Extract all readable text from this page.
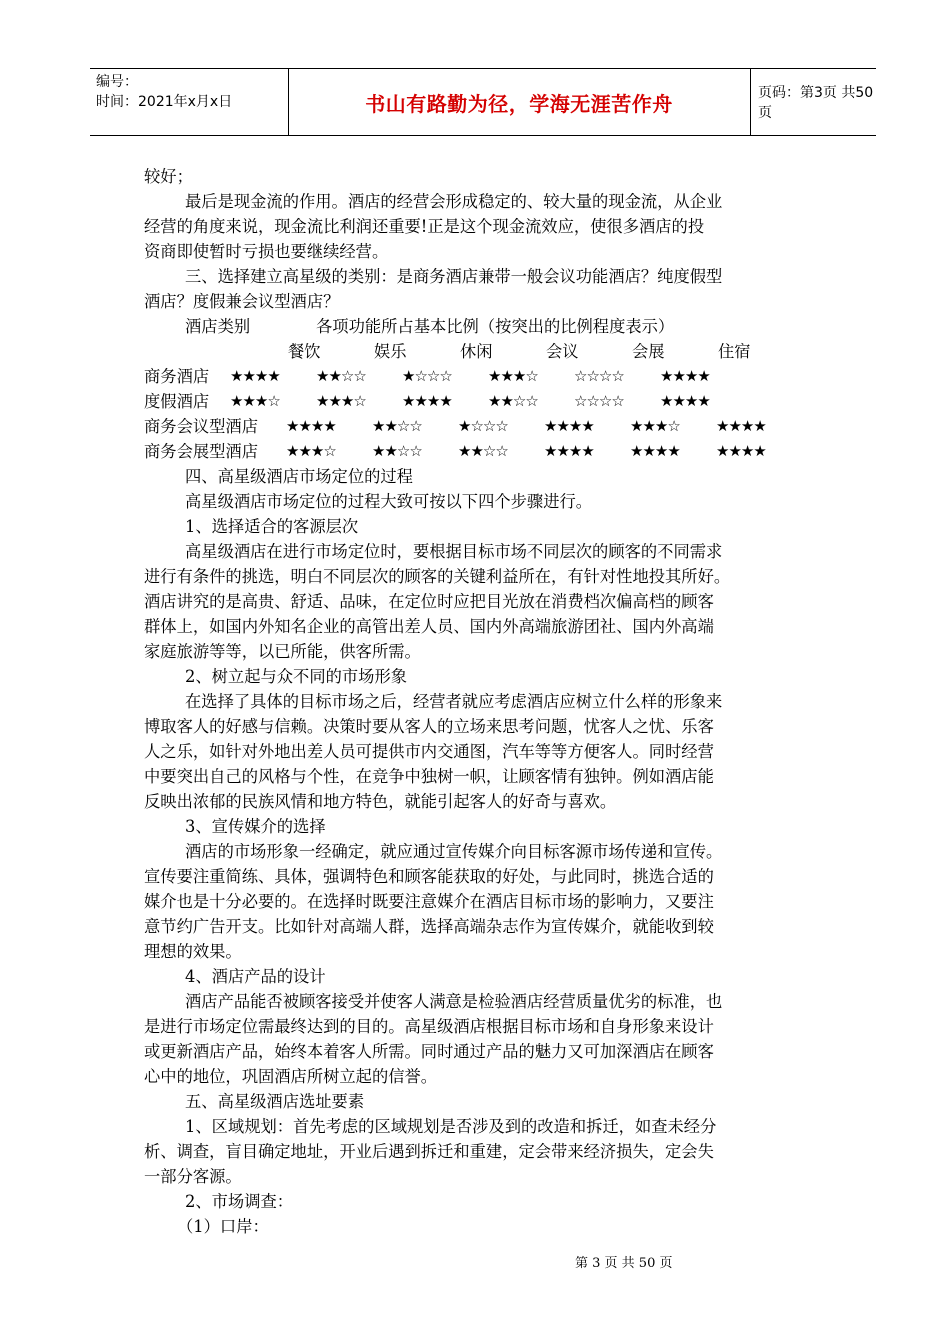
编号：
时间：2021年x月x日	书山有路勤为径，学海无涯苦作舟	页码：第3页 共50页
较好；
最后是现金流的作用。酒店的经营会形成稳定的、较大量的现金流，从企业
经营的角度来说，现金流比利润还重要!正是这个现金流效应，使很多酒店的投
资商即使暂时亏损也要继续经营。
三、选择建立高星级的类别：是商务酒店兼带一般会议功能酒店？纯度假型
酒店？度假兼会议型酒店？
酒店类别	各项功能所占基本比例（按突出的比例程度表示）
餐饮	娱乐	休闲	会议	会展	住宿
商务酒店 ★★★★ ★★☆☆ ★☆☆☆ ★★★☆ ☆☆☆☆ ★★★★
度假酒店 ★★★☆ ★★★☆ ★★★★ ★★☆☆ ☆☆☆☆ ★★★★
商务会议型酒店 ★★★★ ★★☆☆ ★☆☆☆ ★★★★ ★★★☆ ★★★★
商务会展型酒店 ★★★☆ ★★☆☆ ★★☆☆ ★★★★ ★★★★ ★★★★
四、高星级酒店市场定位的过程
高星级酒店市场定位的过程大致可按以下四个步骤进行。
1、选择适合的客源层次
高星级酒店在进行市场定位时，要根据目标市场不同层次的顾客的不同需求
进行有条件的挑选，明白不同层次的顾客的关键利益所在，有针对性地投其所好。
酒店讲究的是高贵、舒适、品味，在定位时应把目光放在消费档次偏高档的顾客
群体上，如国内外知名企业的高管出差人员、国内外高端旅游团社、国内外高端
家庭旅游等等，以已所能，供客所需。
2、树立起与众不同的市场形象
在选择了具体的目标市场之后，经营者就应考虑酒店应树立什么样的形象来
博取客人的好感与信赖。决策时要从客人的立场来思考问题，忧客人之忧、乐客
人之乐，如针对外地出差人员可提供市内交通图，汽车等等方便客人。同时经营
中要突出自己的风格与个性，在竞争中独树一帜，让顾客情有独钟。例如酒店能
反映出浓郁的民族风情和地方特色，就能引起客人的好奇与喜欢。
3、宣传媒介的选择
酒店的市场形象一经确定，就应通过宣传媒介向目标客源市场传递和宣传。
宣传要注重简练、具体，强调特色和顾客能获取的好处，与此同时，挑选合适的
媒介也是十分必要的。在选择时既要注意媒介在酒店目标市场的影响力，又要注
意节约广告开支。比如针对高端人群，选择高端杂志作为宣传媒介，就能收到较
理想的效果。
4、酒店产品的设计
酒店产品能否被顾客接受并使客人满意是检验酒店经营质量优劣的标准，也
是进行市场定位需最终达到的目的。高星级酒店根据目标市场和自身形象来设计
或更新酒店产品，始终本着客人所需。同时通过产品的魅力又可加深酒店在顾客
心中的地位，巩固酒店所树立起的信誉。
五、高星级酒店选址要素
1、区域规划：首先考虑的区域规划是否涉及到的改造和拆迁，如查未经分
析、调查，盲目确定地址，开业后遇到拆迁和重建，定会带来经济损失，定会失
一部分客源。
2、市场调查：
（1）口岸：
第 3 页 共 50 页
